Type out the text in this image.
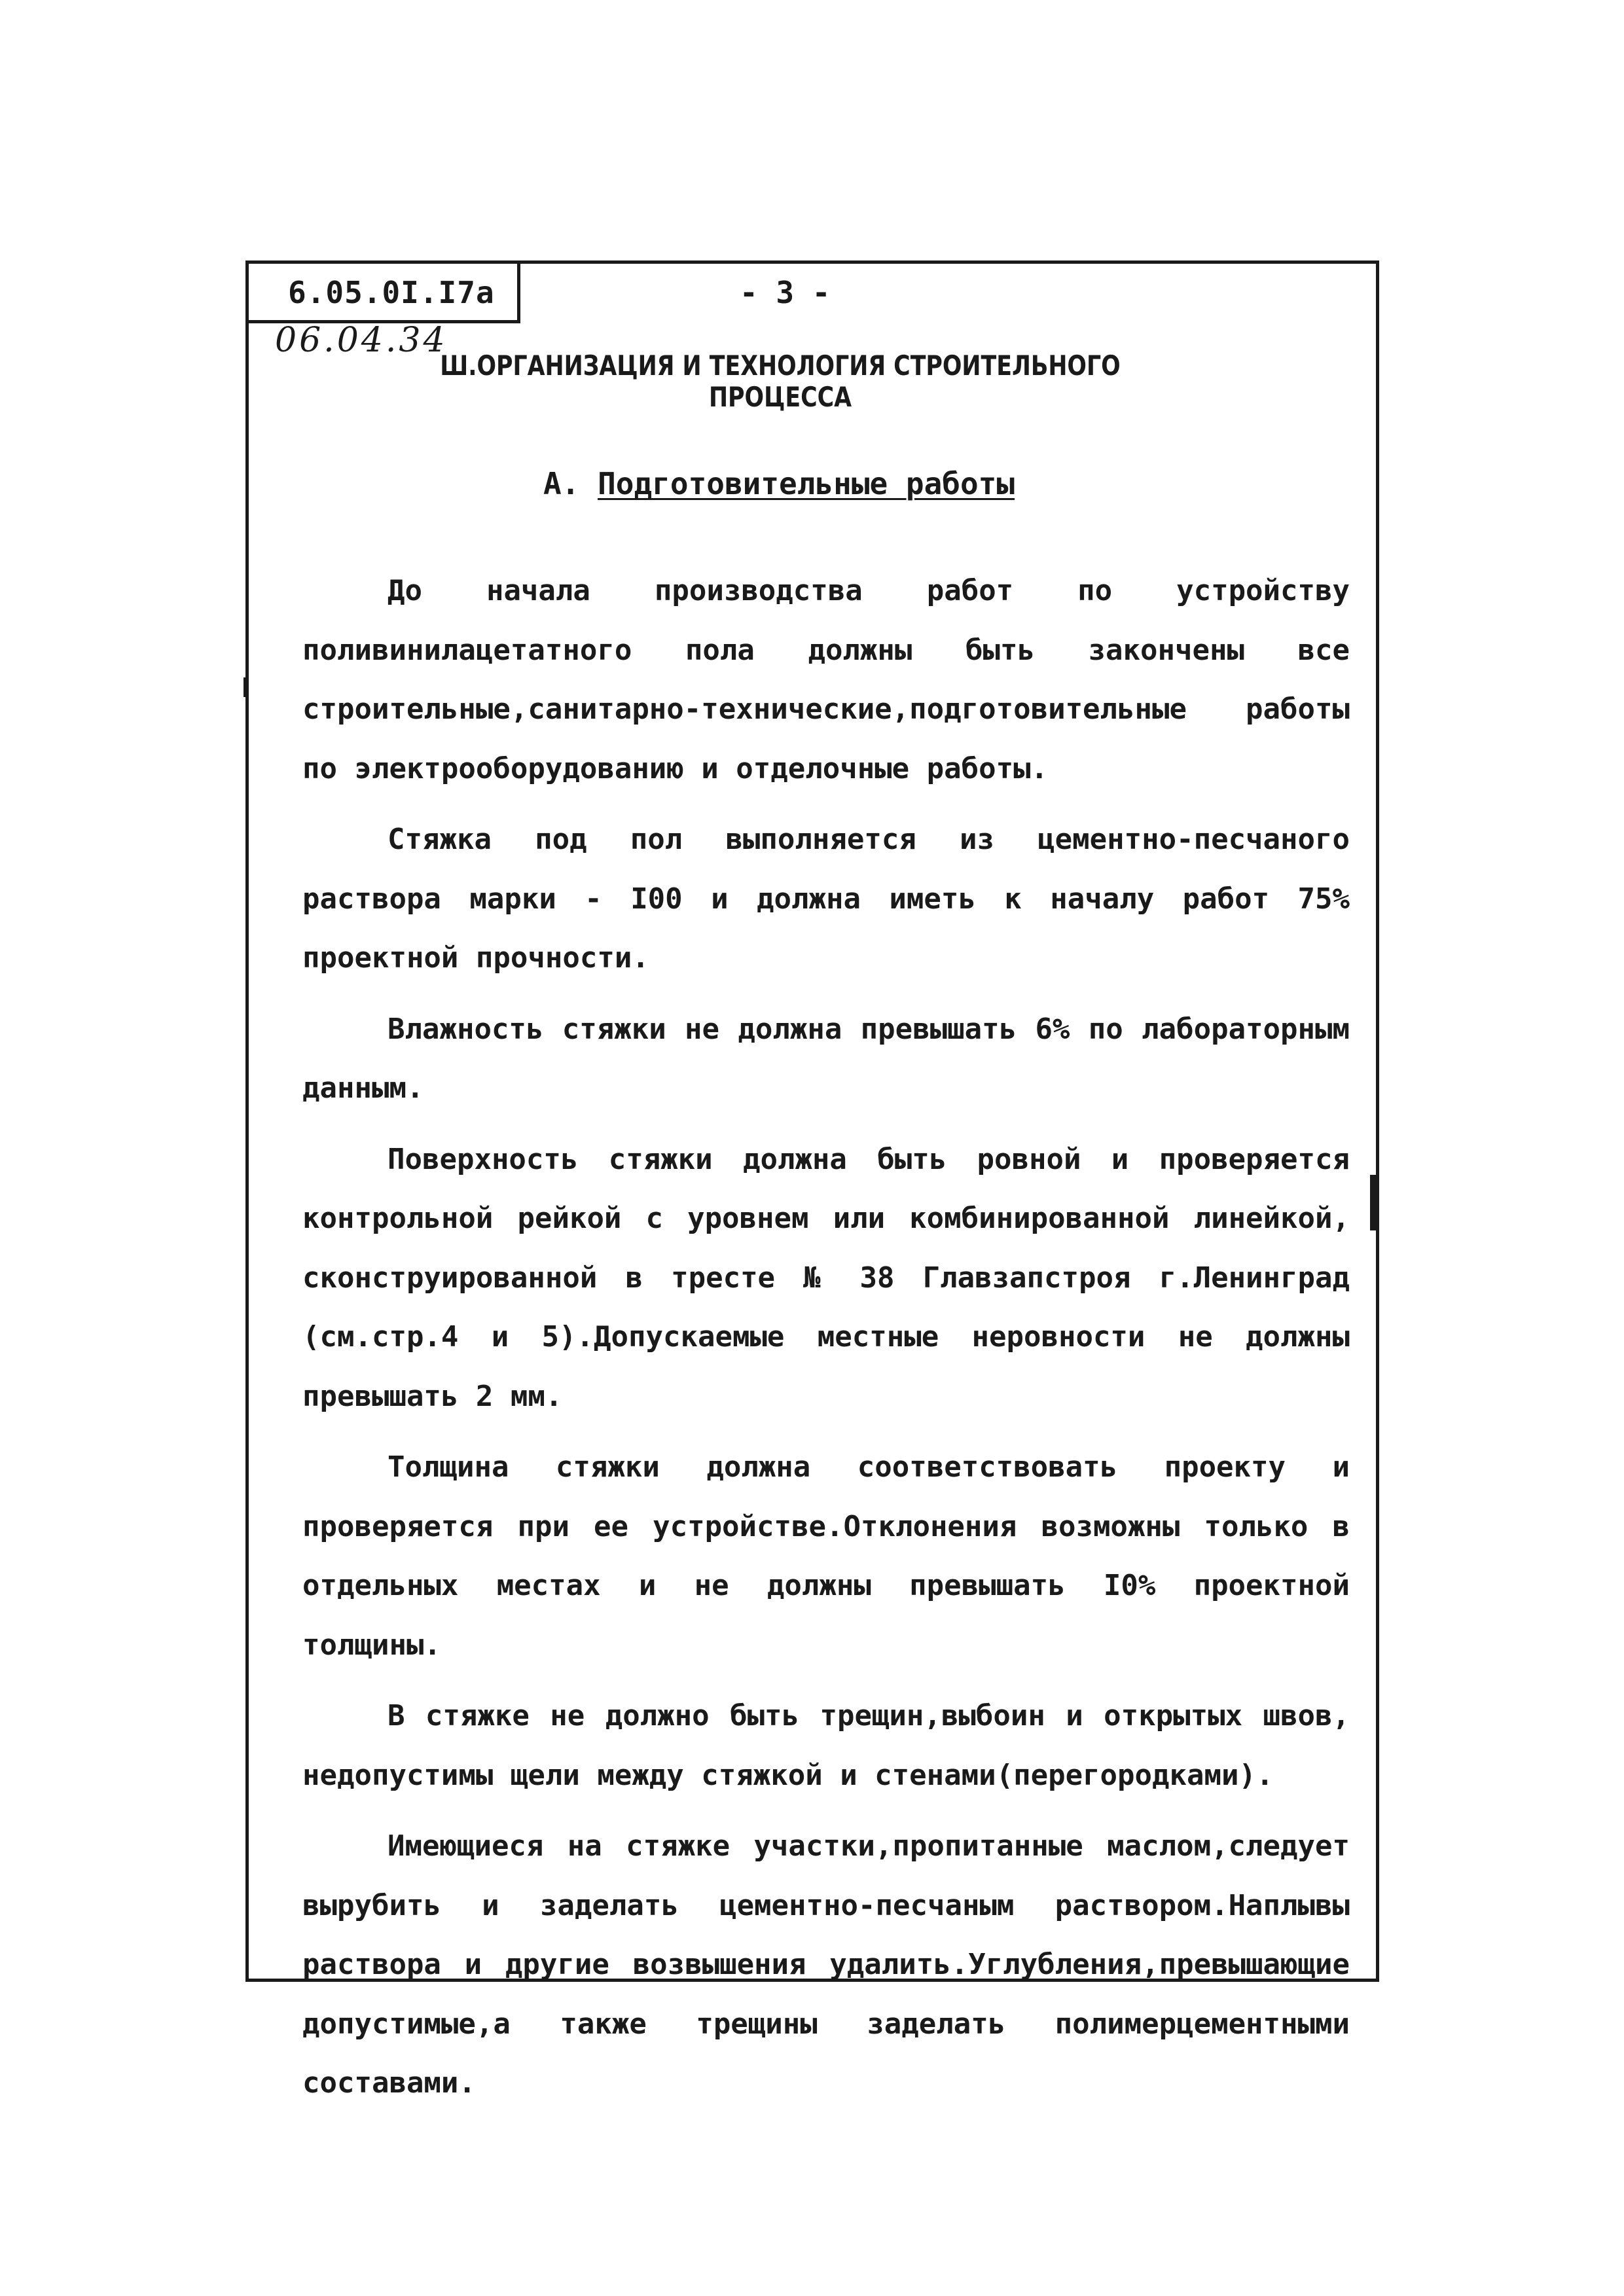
6.05.0I.I7а	- 3 -
06.04.34
Ш.ОРГАНИЗАЦИЯ И ТЕХНОЛОГИЯ СТРОИТЕЛЬНОГО
ПРОЦЕССА
А. Подготовительные работы

До начала производства работ по устройству поливинилацетатного пола должны быть закончены все строительные,санитарно-технические,подготовительные работы по электрооборудованию и отделочные работы.

Стяжка под пол выполняется из цементно-песчаного раствора марки - I00 и должна иметь к началу работ 75% проектной прочности.

Влажность стяжки не должна превышать 6% по лабораторным данным.

Поверхность стяжки должна быть ровной и проверяется контрольной рейкой с уровнем или комбинированной линейкой, сконструированной в тресте № 38 Главзапстроя г.Ленинград (см.стр.4 и 5).Допускаемые местные неровности не должны превышать 2 мм.

Толщина стяжки должна соответствовать проекту и проверяется при ее устройстве.Отклонения возможны только в отдельных местах и не должны превышать I0% проектной толщины.

В стяжке не должно быть трещин,выбоин и открытых швов, недопустимы щели между стяжкой и стенами(перегородками).

Имеющиеся на стяжке участки,пропитанные маслом,следует вырубить и заделать цементно-песчаным раствором.Наплывы раствора и другие возвышения удалить.Углубления,превышающие допустимые,а также трещины заделать полимерцементными составами.
